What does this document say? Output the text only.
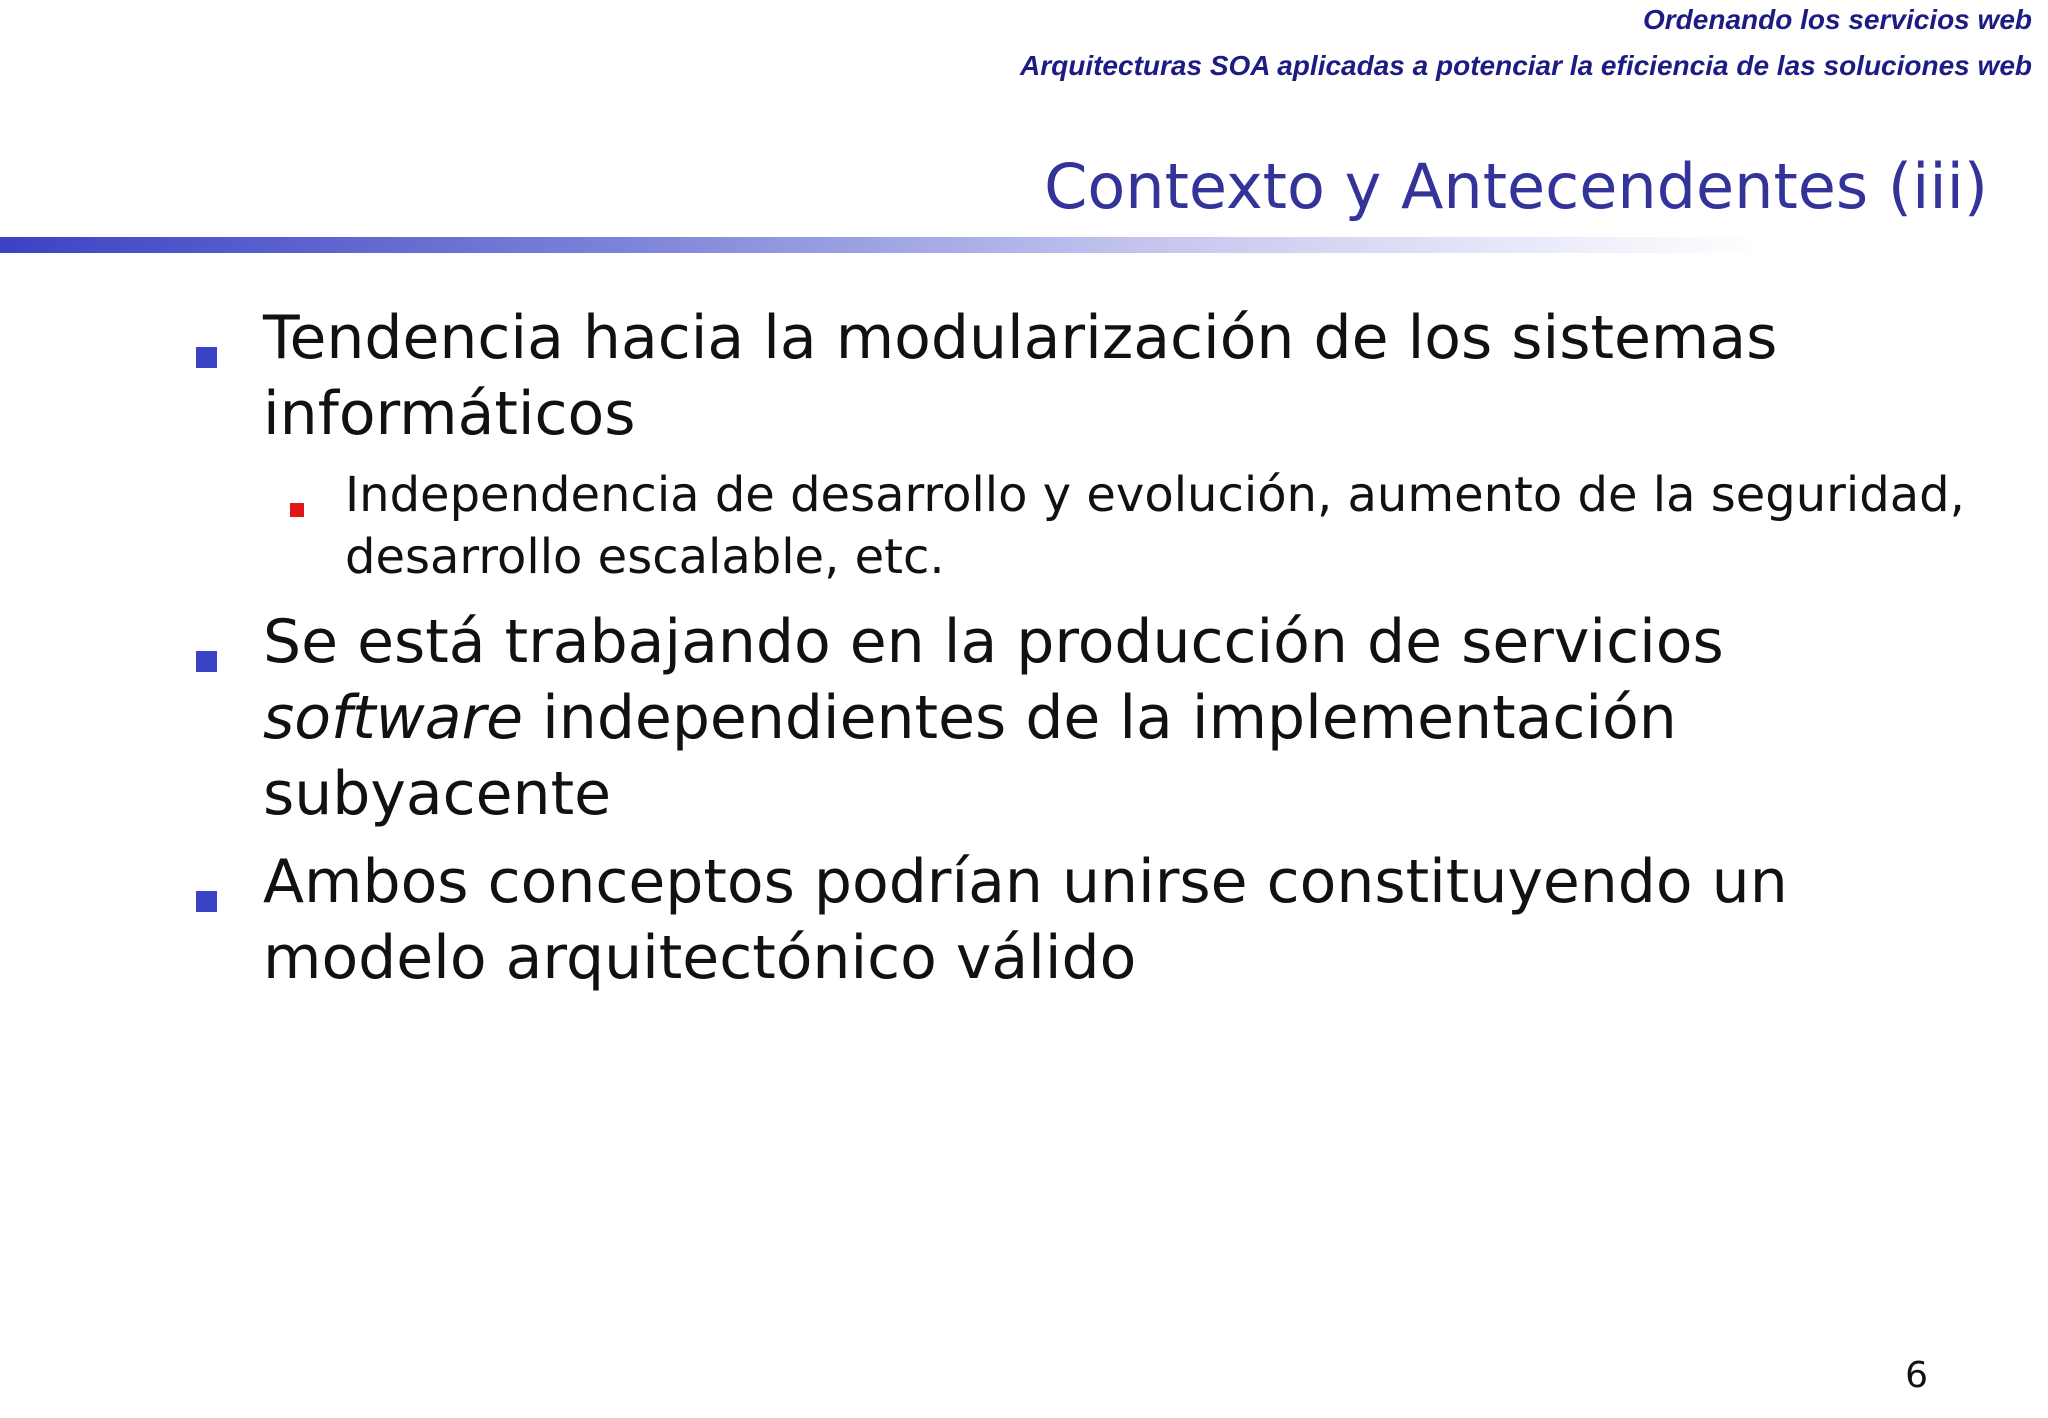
Ordenando los servicios web

Arquitecturas SOA aplicadas a potenciar la eficiencia de las soluciones web

Contexto y Antecendentes (iii)
Tendencia hacia la modularización de los sistemas informáticos
Independencia de desarrollo y evolución, aumento de la seguridad, desarrollo escalable, etc.
Se está trabajando en la producción de servicios software independientes de la implementación subyacente
Ambos conceptos podrían unirse constituyendo un modelo arquitectónico válido
6
